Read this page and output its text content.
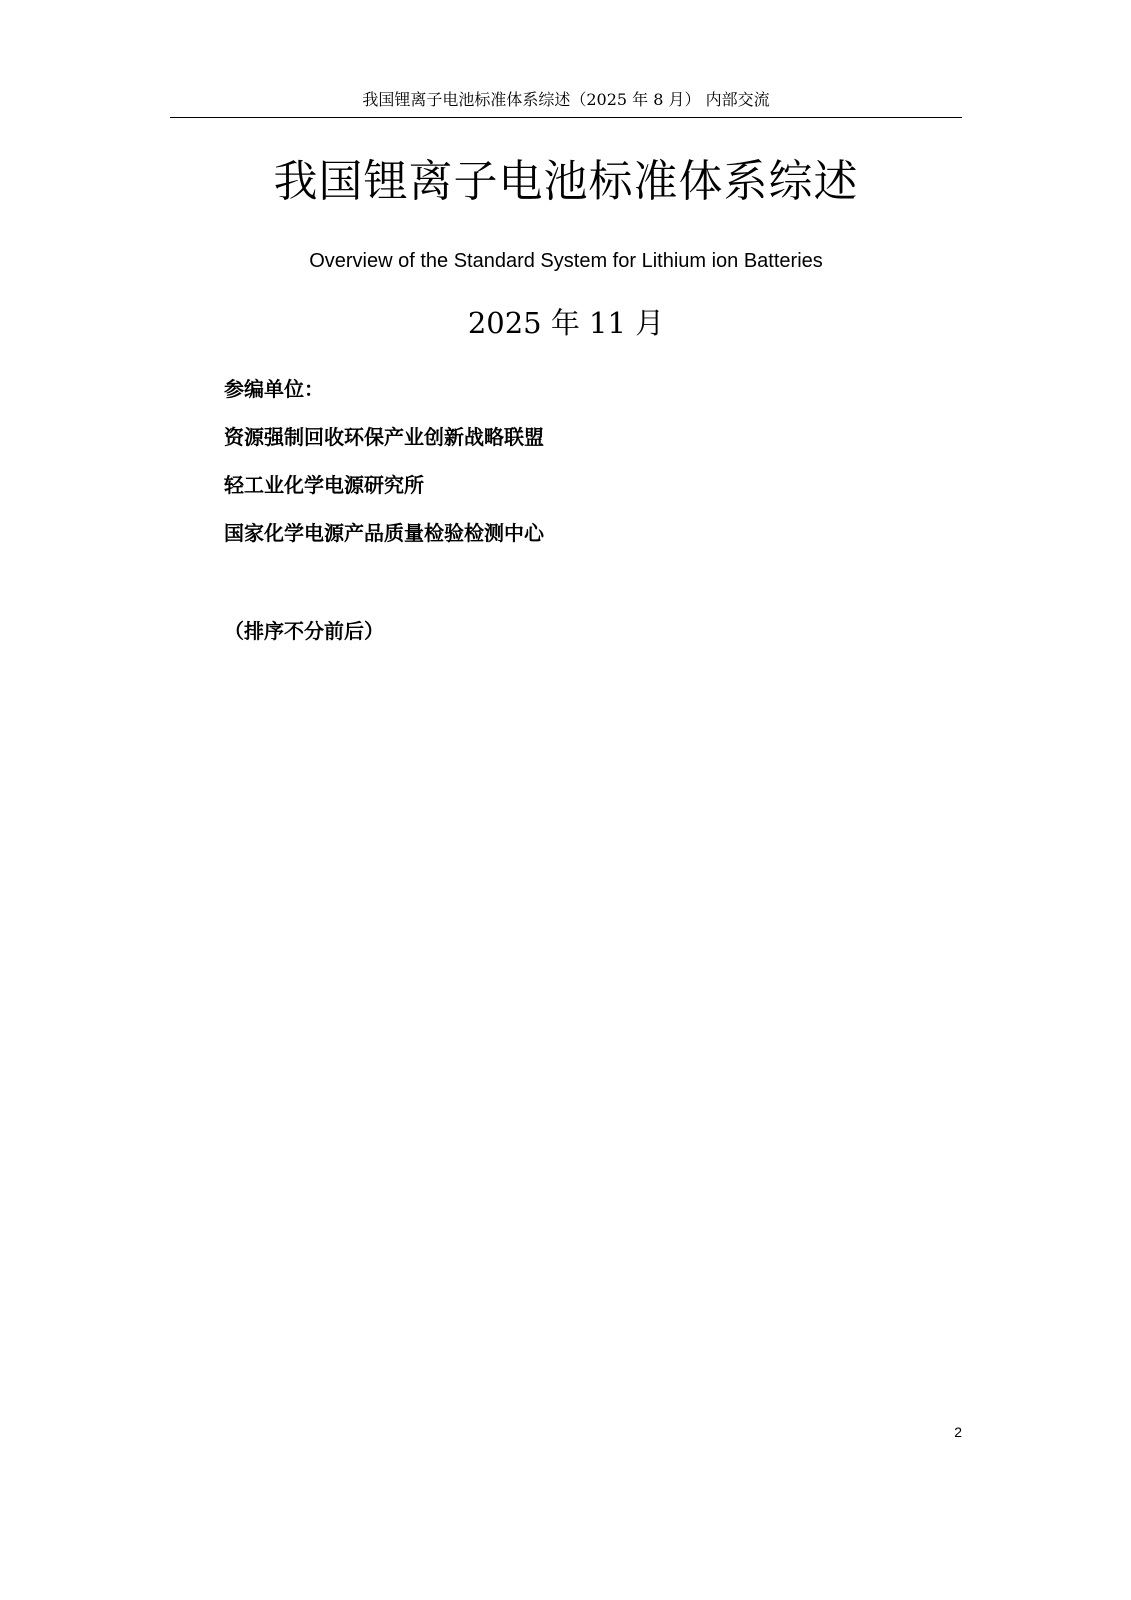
我国锂离子电池标准体系综述（2025 年 8 月） 内部交流
我国锂离子电池标准体系综述
Overview of the Standard System for Lithium ion Batteries
2025 年 11 月
参编单位：
资源强制回收环保产业创新战略联盟
轻工业化学电源研究所
国家化学电源产品质量检验检测中心
（排序不分前后）
2
